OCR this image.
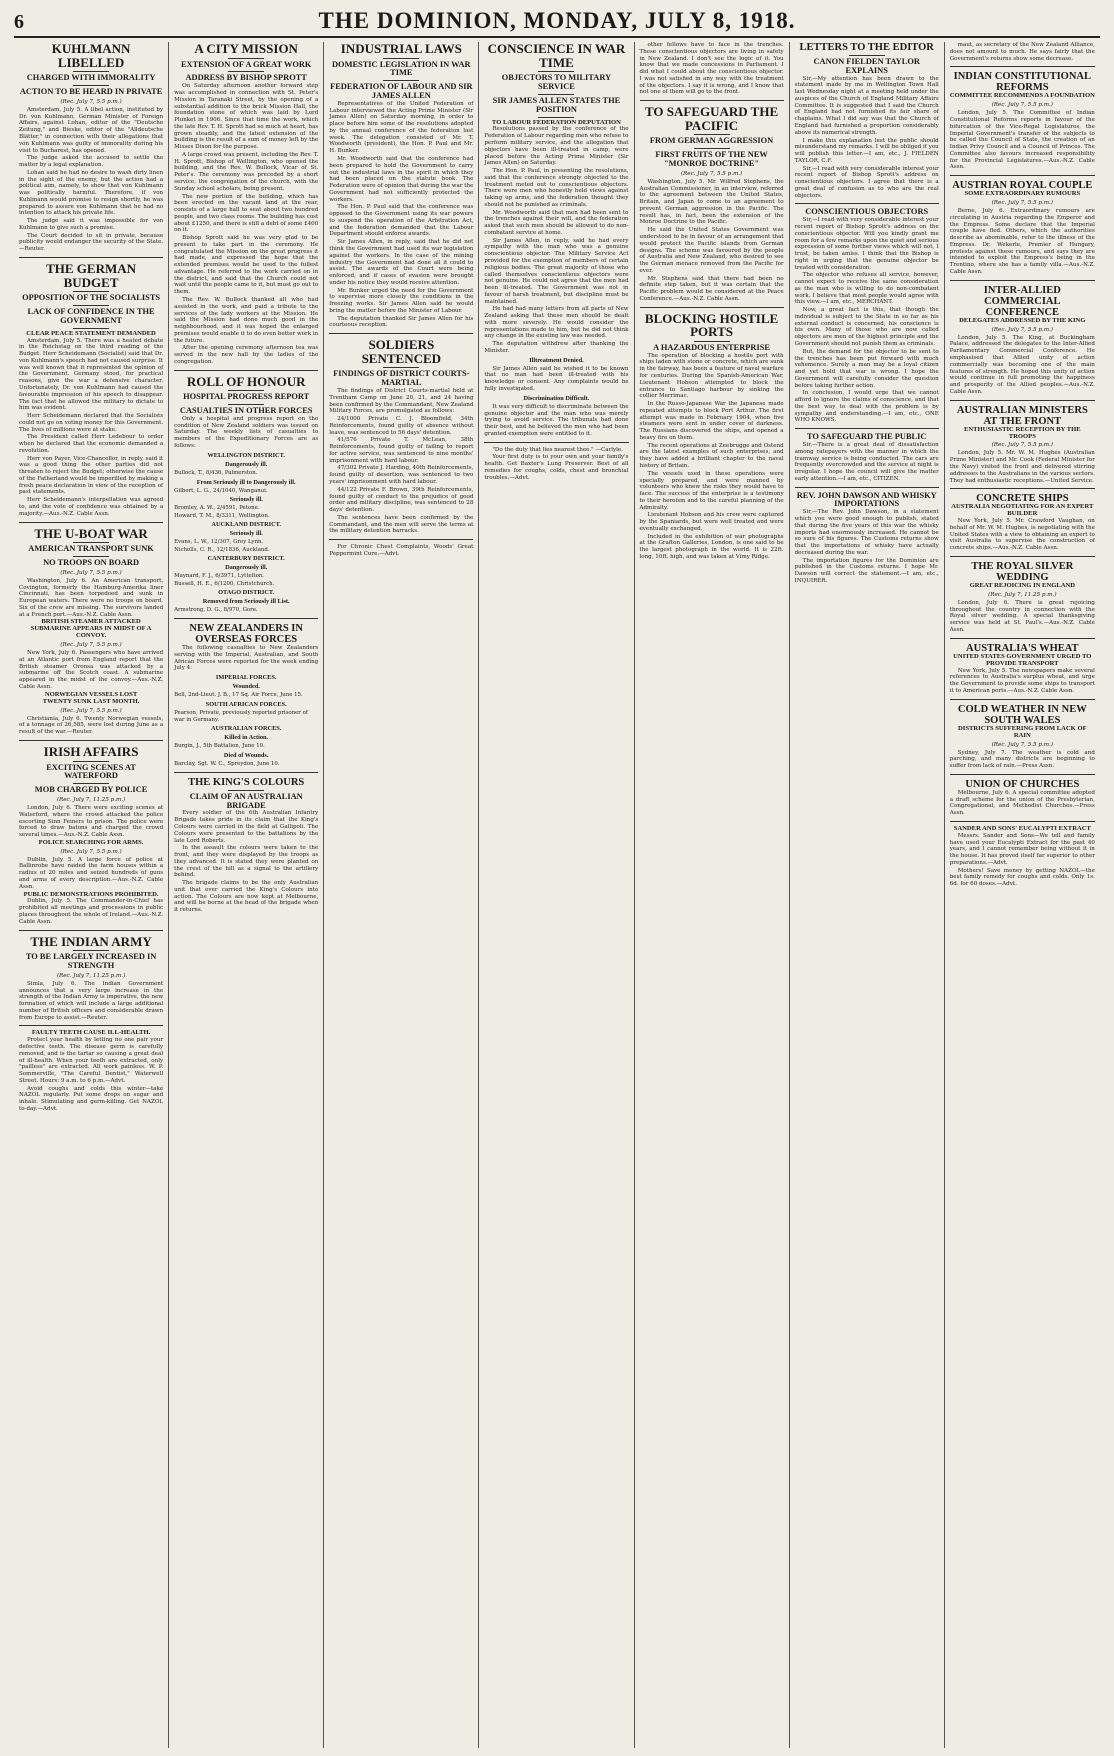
6	THE DOMINION, MONDAY, JULY 8, 1918.
KUHLMANN LIBELLED
CHARGED WITH IMMORALITY
ACTION TO BE HEARD IN PRIVATE
(Rec. July 7, 5.5 p.m.)

Amsterdam, July 5. A libel action, instituted by Dr. von Kuhlmann, German Minister of Foreign Affairs, against Lohan, editor of the "Deutsche Zeitung," and Bieske, editor of the "Alldeutsche Blätter," in connection with their allegations that von Kuhlmann was guilty of immorality during his visit to Bucharest, has opened.

The judge asked the accused to settle the matter by a legal explanation.

Lohan said he had no desire to wash dirty linen in the sight of the enemy, but the action had a political aim, namely, to show that von Kuhlmann was politically harmful. Therefore, if von Kuhlmann would promise to resign shortly, he was prepared to assure von Kuhlmann that he had no intention to attack his private life.

The judge said it was impossible for von Kuhlmann to give such a promise.

The Court decided to sit in private, because publicity would endanger the security of the State.—Reuter.

THE GERMAN BUDGET
OPPOSITION OF THE SOCIALISTS
LACK OF CONFIDENCE IN THE GOVERNMENT
CLEAR PEACE STATEMENT DEMANDED

Amsterdam, July 5. There was a heated debate in the Reichstag on the third reading of the Budget. Herr Scheidemann (Socialist) said that Dr. von Kuhlmann's speech had not caused surprise. It was well known that it represented the opinion of the Government. Germany stood, for practical reasons, give the war a defensive character. Unfortunately, Dr. von Kuhlmann had caused the favourable impression of his speech to disappear. The fact that he allowed the military to dictate to him was evident.

Herr Scheidemann declared that the Socialists could not go on voting money for this Government. The lives of millions were at stake.

The President called Herr Ledebour to order when he declared that the economic demanded a revolution.

Herr von Payer, Vice-Chancellor, in reply, said it was a good thing the other parties did not threaten to reject the Budget; otherwise the cause of the Fatherland would be imperilled by making a fresh peace declaration in view of the reception of past statements.

Herr Scheidemann's interpellation was agreed to, and the vote of confidence was obtained by a majority.—Aus.-N.Z. Cable Assn.

THE U-BOAT WAR
AMERICAN TRANSPORT SUNK
NO TROOPS ON BOARD
(Rec. July 7, 5.5 p.m.)

Washington, July 6. An American transport, Covington, formerly the Hamburg-Amerika liner Cincinnati, has been torpedoed and sunk in European waters. There were no troops on board. Six of the crew are missing. The survivors landed at a French port.—Aus.-N.Z. Cable Assn.

BRITISH STEAMER ATTACKED
SUBMARINE APPEARS IN MIDST OF A CONVOY.
(Rec. July 7, 5.5 p.m.)

New York, July 6. Passengers who have arrived at an Atlantic port from England report that the British steamer Oronsa was attacked by a submarine off the Scotch coast. A submarine appeared in the midst of the convoy.—Aus.-N.Z. Cable Assn.

NORWEGIAN VESSELS LOST
TWENTY SUNK LAST MONTH.
(Rec. July 7, 5.5 p.m.)

Christiania, July 6. Twenty Norwegian vessels, of a tonnage of 26,585, were lost during June as a result of the war.—Reuter.

IRISH AFFAIRS
EXCITING SCENES AT WATERFORD
MOB CHARGED BY POLICE
(Rec. July 7, 11.25 p.m.)

London, July 6. There were exciting scenes at Waterford, where the crowd attacked the police escorting Sinn Feiners to prison. The police were forced to draw batons and charged the crowd several times.—Aus.-N.Z. Cable Assn.

POLICE SEARCHING FOR ARMS.
(Rec. July 7, 5.5 p.m.)

Dublin, July 5. A large force of police at Ballinrobe have raided the farm houses within a radius of 20 miles and seized hundreds of guns and arms of every description.—Aus.-N.Z. Cable Assn.

PUBLIC DEMONSTRATIONS PROHIBITED.

Dublin, July 5. The Commander-in-Chief has prohibited all meetings and processions in public places throughout the whole of Ireland.—Aus.-N.Z. Cable Assn.

THE INDIAN ARMY
TO BE LARGELY INCREASED IN STRENGTH
(Rec. July 7, 11.25 p.m.)

Simla, July 6. The Indian Government announces that a very large increase in the strength of the Indian Army is imperative, the new formation of which will include a large additional number of British officers and considerable drawn from Europe to assist.—Reuter.

FAULTY TEETH CAUSE ILL-HEALTH.

Protect your health by letting no one pair your defective teeth. The disease germ is carefully removed, and is the tartar so causing a great deal of ill-health. When your teeth are extracted, only "pailless" are extracted. All work painless. W. P. Sommerville, "The Careful Dentist," Waterwell Street. Hours: 9 a.m. to 6 p.m.—Advt.

Avoid coughs and colds this winter—take NAZOL regularly. Put some drops on sugar and inhale. Stimulating and germ-killing. Get NAZOL to-day.—Advt.

A CITY MISSION
EXTENSION OF A GREAT WORK
ADDRESS BY BISHOP SPROTT

On Saturday afternoon another forward step was accomplished in connection with St. Peter's Mission in Taranaki Street, by the opening of a substantial addition to the brick Mission Hall, the foundation stone of which was laid by Lord Plunket in 1906. Since that time the work, which the late Rev. T. H. Sprott had so much at heart, has grown steadily, and the latest extension of the building is the result of a sum of money left by the Misses Dixon for the purpose.

A large crowd was present, including the Rev. T. H. Sprott, Bishop of Wellington, who opened the building, and the Rev. W. Bullock, Vicar of St. Peter's. The ceremony was preceded by a short service, the congregation of the church, with the Sunday school scholars, being present.

The new portion of the building, which has been erected on the vacant land at the rear, consists of a large hall to seat about two hundred people, and two class rooms. The building has cost about £1250, and there is still a debt of some £400 on it.

Bishop Sprott said he was very glad to be present to take part in the ceremony. He congratulated the Mission on the great progress it had made, and expressed the hope that the extended premises would be used to the fullest advantage. He referred to the work carried on in the district, and said that the Church could not wait until the people came to it, but must go out to them.

The Rev. W. Bullock thanked all who had assisted in the work, and paid a tribute to the services of the lady workers at the Mission. He said the Mission had done much good in the neighbourhood, and it was hoped the enlarged premises would enable it to do even better work in the future.

After the opening ceremony afternoon tea was served in the new hall by the ladies of the congregation.

ROLL OF HONOUR
HOSPITAL PROGRESS REPORT
CASUALTIES IN OTHER FORCES

Only a hospital and progress report on the condition of New Zealand soldiers was issued on Saturday. The weekly lists of casualties to members of the Expeditionary Forces are as follows:

WELLINGTON DISTRICT.
Dangerously ill.
Bullock, T., 8/436, Palmerston.
From Seriously ill to Dangerously ill.
Gilbert, L. G., 24/1040, Wanganui.
Seriously ill.
Bromley, A. W., 2/4591, Petone.
Howard, T. M., 8/3311, Wellington.
AUCKLAND DISTRICT.
Seriously ill.
Evans, L. W., 12/307, Grey Lynn.
Nicholls, C. R., 12/1836, Auckland.
CANTERBURY DISTRICT.
Dangerously ill.
Maynard, F. J., 6/3971, Lyttelton.
Bussell, H. E., 6/1200, Christchurch.
OTAGO DISTRICT.
Removed from Seriously ill List.
Armstrong, D. G., 8/970, Gore.
NEW ZEALANDERS IN OVERSEAS FORCES

The following casualties to New Zealanders serving with the Imperial, Australian, and South African Forces were reported for the week ending July 4:

IMPERIAL FORCES.
Wounded.
Bell, 2nd-Lieut. J. B., 17 Sq. Air Force, June 15.
SOUTH AFRICAN FORCES.
Pearson, Private, previously reported prisoner of war in Germany.
AUSTRALIAN FORCES.
Killed in Action.
Burgin, J., 5th Battalion, June 10.
Died of Wounds.
Barclay, Sgt. W. C., Spreydon, June 10.
THE KING'S COLOURS
CLAIM OF AN AUSTRALIAN BRIGADE

Every soldier of the 6th Australian Infantry Brigade takes pride in its claim that the King's Colours were carried in the field at Gallipoli. The Colours were presented to the battalions by the late Lord Roberts.

In the assault the colours were taken to the front, and they were displayed by the troops as they advanced. It is stated they were planted on the crest of the hill as a signal to the artillery behind.

The brigade claims to be the only Australian unit that ever carried the King's Colours into action. The Colours are now kept at Melbourne, and will be borne at the head of the brigade when it returns.

INDUSTRIAL LAWS
DOMESTIC LEGISLATION IN WAR TIME
FEDERATION OF LABOUR AND SIR JAMES ALLEN

Representatives of the United Federation of Labour interviewed the Acting Prime Minister (Sir James Allen) on Saturday morning, in order to place before him some of the resolutions adopted by the annual conference of the federation last week. The delegation consisted of Mr. T. Woodworth (president), the Hon. P. Paul and Mr. H. Bunker.

Mr. Woodworth said that the conference had been prepared to hold the Government to carry out the industrial laws in the spirit in which they had been placed on the statute book. The Federation were of opinion that during the war the Government had not sufficiently protected the workers.

The Hon. P. Paul said that the conference was opposed to the Government using its war powers to suspend the operation of the Arbitration Act, and the federation demanded that the Labour Department should enforce awards.

Sir James Allen, in reply, said that he did not think the Government had used its war legislation against the workers. In the case of the mining industry the Government had done all it could to assist. The awards of the Court were being enforced, and if cases of evasion were brought under his notice they would receive attention.

Mr. Bunker urged the need for the Government to supervise more closely the conditions in the freezing works. Sir James Allen said he would bring the matter before the Minister of Labour.

The deputation thanked Sir James Allen for his courteous reception.

SOLDIERS SENTENCED
FINDINGS OF DISTRICT COURTS-MARTIAL

The findings of District Courts-martial held at Trentham Camp on June 20, 21, and 24 having been confirmed by the Commandant, New Zealand Military Forces, are promulgated as follows:

24/1000 Private C. J. Bloomfield, 34th Reinforcements, found guilty of absence without leave, was sentenced to 56 days' detention.

41/576 Private T. McLean, 38th Reinforcements, found guilty of failing to report for active service, was sentenced to nine months' imprisonment with hard labour.

47/302 Private J. Harding, 40th Reinforcements, found guilty of desertion, was sentenced to two years' imprisonment with hard labour.

44/122 Private F. Brown, 39th Reinforcements, found guilty of conduct to the prejudice of good order and military discipline, was sentenced to 28 days' detention.

The sentences have been confirmed by the Commandant, and the men will serve the terms at the military detention barracks.

For Chronic Chest Complaints, Woods' Great Peppermint Cure.—Advt.

CONSCIENCE IN WAR TIME
OBJECTORS TO MILITARY SERVICE
SIR JAMES ALLEN STATES THE POSITION
TO LABOUR FEDERATION DEPUTATION

Resolutions passed by the conference of the Federation of Labour regarding men who refuse to perform military service, and the allegation that objectors have been ill-treated in camp, were placed before the Acting Prime Minister (Sir James Allen) on Saturday.

The Hon. P. Paul, in presenting the resolutions, said that the conference strongly objected to the treatment meted out to conscientious objectors. There were men who honestly held views against taking up arms, and the federation thought they should not be punished as criminals.

Mr. Woodworth said that men had been sent to the trenches against their will, and the federation asked that such men should be allowed to do non-combatant service at home.

Sir James Allen, in reply, said he had every sympathy with the man who was a genuine conscientious objector. The Military Service Act provided for the exemption of members of certain religious bodies. The great majority of those who called themselves conscientious objectors were not genuine. He could not agree that the men had been ill-treated. The Government was not in favour of harsh treatment, but discipline must be maintained.

He had had many letters from all parts of New Zealand asking that these men should be dealt with more severely. He would consider the representations made to him, but he did not think any change in the existing law was needed.

The deputation withdrew after thanking the Minister.

Illtreatment Denied.

Sir James Allen said he wished it to be known that no man had been ill-treated with his knowledge or consent. Any complaints would be fully investigated.

Discrimination Difficult.

It was very difficult to discriminate between the genuine objector and the man who was merely trying to avoid service. The tribunals had done their best, and he believed the men who had been granted exemption were entitled to it.

"Do the duty that lies nearest thee." —Carlyle.

Your first duty is to your own and your family's health. Get Baxter's Lung Preserver. Best of all remedies for coughs, colds, chest and bronchial troubles.—Advt.

other fellows have to face in the trenches. These conscientious objectors are living in safety in New Zealand. I don't see the logic of it. You know that we made concessions in Parliament. I did what I could about the conscientious objector. I was not satisfied in any way with the treatment of the objectors. I say it is wrong, and I know that not one of them will go to the front.

TO SAFEGUARD THE PACIFIC
FROM GERMAN AGGRESSION
FIRST FRUITS OF THE NEW "MONROE DOCTRINE"
(Rec. July 7, 5.5 p.m.)

Washington, July 5. Mr. Wilfred Stephens, the Australian Commissioner, in an interview, referred to the agreement between the United States, Britain, and Japan to come to an agreement to prevent German aggression in the Pacific. The result has, in fact, been the extension of the Monroe Doctrine to the Pacific.

He said the United States Government was understood to be in favour of an arrangement that would protect the Pacific islands from German designs. The scheme was favoured by the people of Australia and New Zealand, who desired to see the German menace removed from the Pacific for ever.

Mr. Stephens said that there had been no definite step taken, but it was certain that the Pacific problem would be considered at the Peace Conference.—Aus.-N.Z. Cable Assn.

BLOCKING HOSTILE PORTS
A HAZARDOUS ENTERPRISE

The operation of blocking a hostile port with ships laden with stone or concrete, which are sunk in the fairway, has been a feature of naval warfare for centuries. During the Spanish-American War, Lieutenant Hobson attempted to block the entrance to Santiago harbour by sinking the collier Merrimac.

In the Russo-Japanese War the Japanese made repeated attempts to block Port Arthur. The first attempt was made in February 1904, when five steamers were sent in under cover of darkness. The Russians discovered the ships, and opened a heavy fire on them.

The recent operations at Zeebrugge and Ostend are the latest examples of such enterprises, and they have added a brilliant chapter to the naval history of Britain.

The vessels used in these operations were specially prepared, and were manned by volunteers who knew the risks they would have to face. The success of the enterprise is a testimony to their heroism and to the careful planning of the Admiralty.

Lieutenant Hobson and his crew were captured by the Spaniards, but were well treated and were eventually exchanged.

Included in the exhibition of war photographs at the Grafton Galleries, London, is one said to be the largest photograph in the world. It is 22ft. long, 10ft. high, and was taken at Vimy Ridge.

LETTERS TO THE EDITOR
CANON FIELDEN TAYLOR EXPLAINS

Sir,—My attention has been drawn to the statement made by me in Wellington Town Hall last Wednesday night at a meeting held under the auspices of the Church of England Military Affairs Committee. It is suggested that I said the Church of England had not furnished its fair share of chaplains. What I did say was that the Church of England had furnished a proportion considerably above its numerical strength.

I make this explanation lest the public should misunderstand my remarks. I will be obliged if you will publish this letter.—I am, etc., J. FIELDEN TAYLOR, C.F.

Sir,—I read with very considerable interest your recent report of Bishop Sprott's address on conscientious objectors. I agree that there is a great deal of confusion as to who are the real objectors.

CONSCIENTIOUS OBJECTORS

Sir,—I read with very considerable interest your recent report of Bishop Sprott's address on the conscientious objector. Will you kindly grant me room for a few remarks upon the quiet and serious expression of some further views which will not, I trust, be taken amiss. I think that the Bishop is right in urging that the genuine objector be treated with consideration.

The objector who refuses all service, however, cannot expect to receive the same consideration as the man who is willing to do non-combatant work. I believe that most people would agree with this view.—I am, etc., MERCHANT.

Now, a great fact is this, that though the individual is subject to the State in so far as his external conduct is concerned, his conscience is his own. Many of those who are now called objectors are men of the highest principle and the Government should not punish them as criminals.

But, the demand for the objector to be sent to the trenches has been put forward with much vehemence. Surely a man may be a loyal citizen and yet hold that war is wrong. I hope the Government will carefully consider the question before taking further action.

In conclusion, I would urge that we cannot afford to ignore the claims of conscience, and that the best way to deal with the problem is by sympathy and understanding.—I am, etc., ONE WHO KNOWS.

TO SAFEGUARD THE PUBLIC

Sir,—There is a great deal of dissatisfaction among ratepayers with the manner in which the tramway service is being conducted. The cars are frequently overcrowded and the service at night is irregular. I hope the council will give the matter early attention.—I am, etc., CITIZEN.

REV. JOHN DAWSON AND WHISKY IMPORTATIONS

Sir,—The Rev. John Dawson, in a statement which you were good enough to publish, stated that during the five years of this war the whisky imports had enormously increased. He cannot be so sure of his figures. The Customs returns show that the importations of whisky have actually decreased during the war.

The importation figures for the Dominion are published in the Customs returns. I hope Mr. Dawson will correct the statement.—I am, etc., INQUIRER.

maut, as secretary of the New Zealand Alliance, does not amount to much. He says fairly that the Government's returns show some decrease.

INDIAN CONSTITUTIONAL REFORMS
COMMITTEE RECOMMENDS A FOUNDATION
(Rec. July 7, 5.5 p.m.)

London, July 5. The Committee of Indian Constitutional Reforms reports in favour of the bifurcation of the Vice-Regal Legislatures, the Imperial Government's transfer of the subjects to be called the Council of State, the creation of an Indian Privy Council and a Council of Princes. The Committee also favours increased responsibility for the Provincial Legislatures.—Aus.-N.Z. Cable Assn.

AUSTRIAN ROYAL COUPLE
SOME EXTRAORDINARY RUMOURS
(Rec. July 7, 5.5 p.m.)

Berne, July 6. Extraordinary rumours are circulating in Austria regarding the Emperor and the Empress. Some declare that the Imperial couple have fled. Others, which the authorities describe as abominable, refer to the illness of the Empress. Dr. Wekerle, Premier of Hungary, protests against these rumours, and says they are intended to exploit the Empress's being in the Trentino, where she has a family villa.—Aus.-N.Z. Cable Assn.

INTER-ALLIED COMMERCIAL CONFERENCE
DELEGATES ADDRESSED BY THE KING
(Rec. July 7, 5.5 p.m.)

London, July 5. The King, at Buckingham Palace, addressed the delegates to the Inter-Allied Parliamentary Commercial Conference. He emphasised that Allied unity of action commercially was becoming one of the main features of strength. He hoped this unity of action would continue in full promoting the happiness and prosperity of the Allied peoples.—Aus.-N.Z. Cable Assn.

AUSTRALIAN MINISTERS AT THE FRONT
ENTHUSIASTIC RECEPTION BY THE TROOPS
(Rec. July 7, 5.5 p.m.)

London, July 5. Mr. W. M. Hughes (Australian Prime Minister) and Mr. Cook (Federal Minister for the Navy) visited the front and delivered stirring addresses to the Australians in the various sectors. They had enthusiastic receptions.—United Service.

CONCRETE SHIPS
AUSTRALIA NEGOTIATING FOR AN EXPERT BUILDER

New York, July 5. Mr. Crawford Vaughan, on behalf of Mr. W. M. Hughes, is negotiating with the United States with a view to obtaining an expert to visit Australia to supervise the construction of concrete ships.—Aus.-N.Z. Cable Assn.

THE ROYAL SILVER WEDDING
GREAT REJOICING IN ENGLAND
(Rec. July 7, 11.25 p.m.)

London, July 6. There is great rejoicing throughout the country in connection with the Royal silver wedding. A special thanksgiving service was held at St. Paul's.—Aus.-N.Z. Cable Assn.

AUSTRALIA'S WHEAT
UNITED STATES GOVERNMENT URGED TO PROVIDE TRANSPORT

New York, July 5. The newspapers make several references to Australia's surplus wheat, and urge the Government to provide some ships to transport it to American ports.—Aus.-N.Z. Cable Assn.

COLD WEATHER IN NEW SOUTH WALES
DISTRICTS SUFFERING FROM LACK OF RAIN
(Rec. July 7, 5.5 p.m.)

Sydney, July 7. The weather is cold and parching, and many districts are beginning to suffer from lack of rain.—Press Assn.

UNION OF CHURCHES

Melbourne, July 6. A special committee adopted a draft scheme for the union of the Presbyterian, Congregational, and Methodist Churches.—Press Assn.

SANDER AND SONS' EUCALYPTI EXTRACT

Messrs. Sander and Sons—We tell and family have used your Eucalypti Extract for the past 40 years, and I cannot remember being without it in the house. It has proved itself far superior to other preparations.—Advt.

Mothers! Save money by getting NAZOL—the best family remedy for coughs and colds. Only 1s. 6d. for 60 doses.—Advt.
